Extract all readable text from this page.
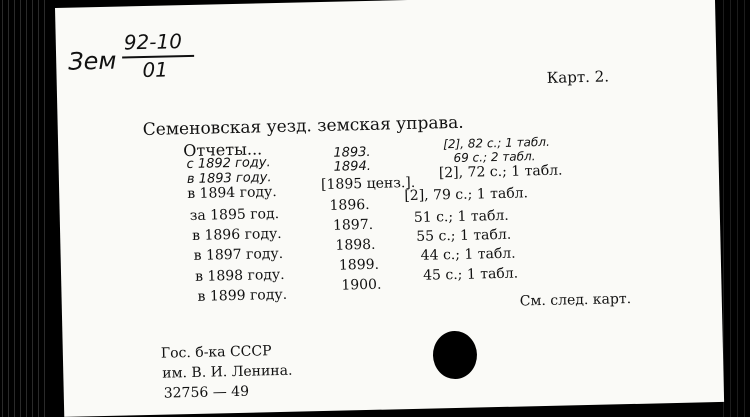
Зем
92-10
01	Карт. 2.
Семеновская уезд. земская управа.
Отчеты...
с 1892 году.
1893.
[2], 82 с.; 1 табл.
в 1893 году.
1894.
69 с.; 2 табл.
в 1894 году.
[1895 ценз.].
[2], 72 с.; 1 табл.
за 1895 год.
1896.
[2], 79 с.; 1 табл.
в 1896 году.
1897.	51 с.; 1 табл.
в 1897 году.
1898.
55 с.; 1 табл.
в 1898 году.
1899.
44 с.; 1 табл.
в 1899 году.
1900.
45 с.; 1 табл.
См. след. карт.
Гос. б-ка СССР
им. В. И. Ленина.
32756 — 49
